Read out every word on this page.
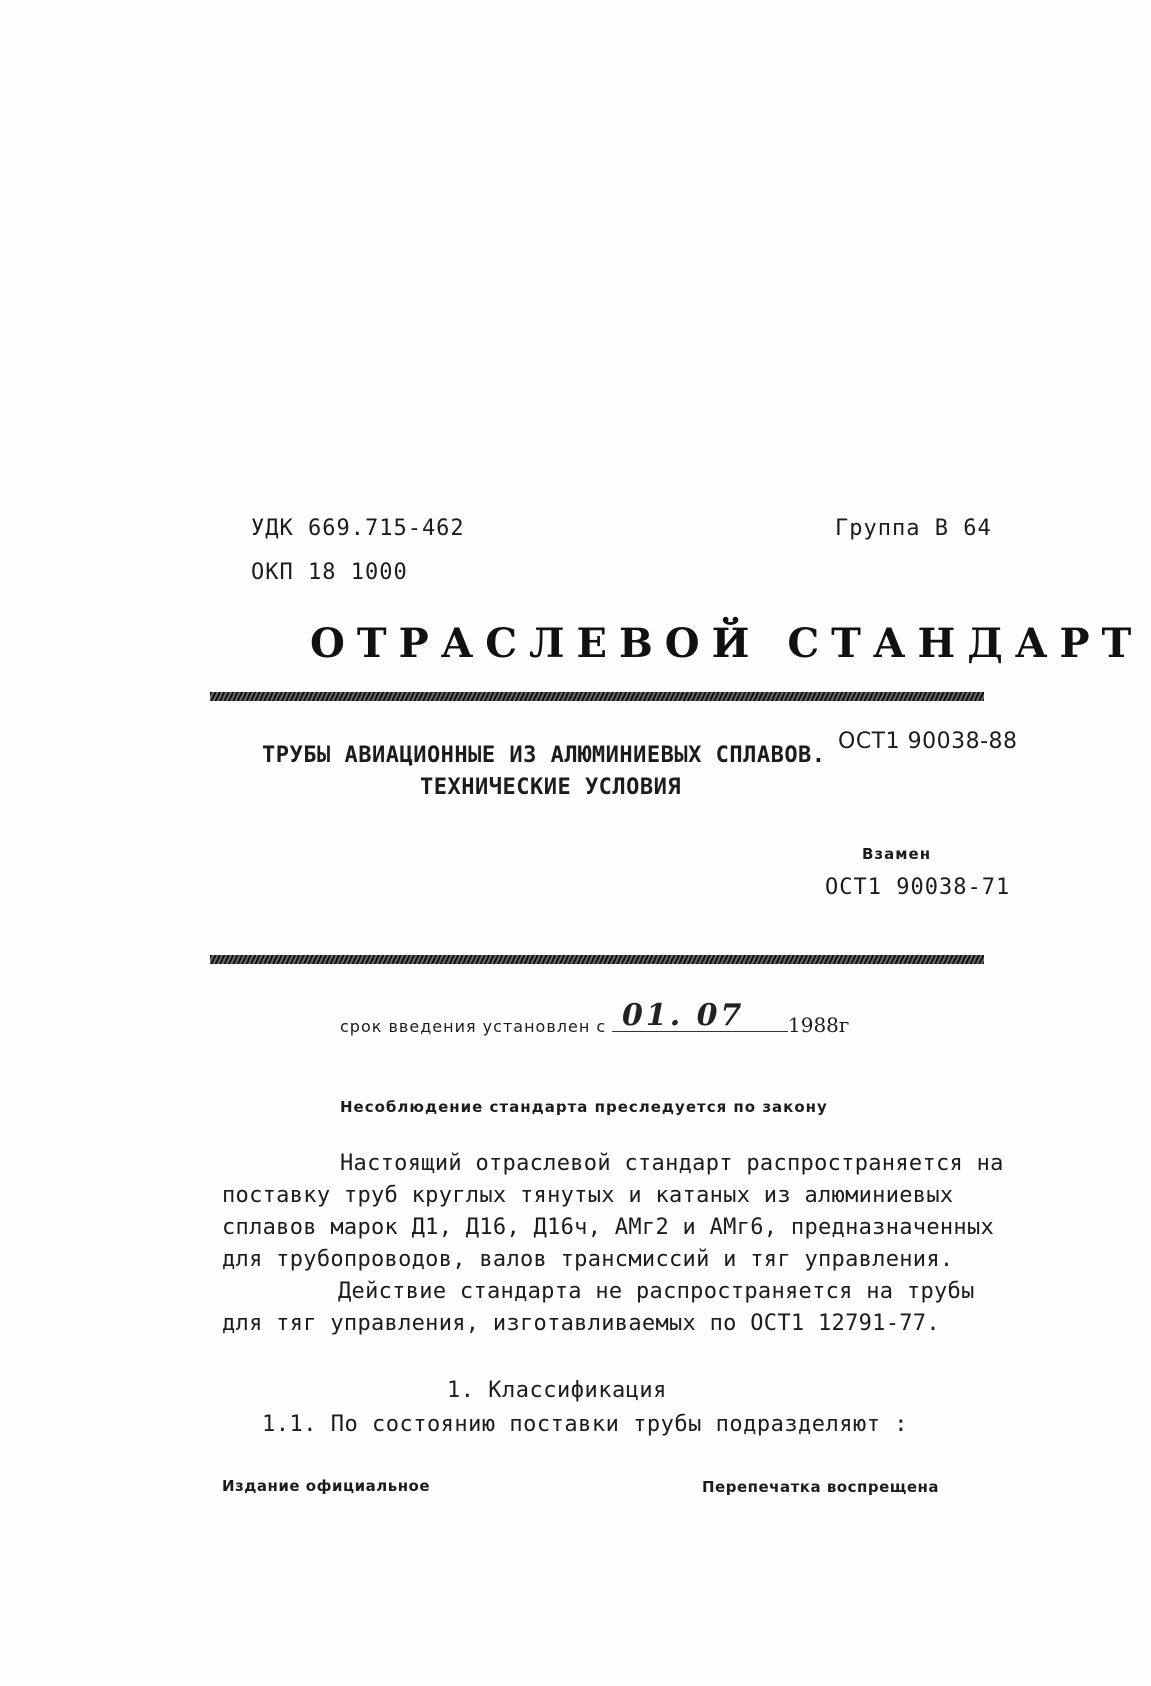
УДК 669.715-462	Группа В 64
ОКП 18 1000
ОТРАСЛЕВОЙ СТАНДАРТ
ТРУБЫ АВИАЦИОННЫЕ ИЗ АЛЮМИНИЕВЫХ СПЛАВОВ.
ТЕХНИЧЕСКИЕ УСЛОВИЯ
ОСТ1 90038-88
Взамен
ОСТ1 90038-71
срок введения установлен с 01. 07 1988г
Несоблюдение стандарта преследуется по закону
Настоящий отраслевой стандарт распространяется на
поставку труб круглых тянутых и катаных из алюминиевых
сплавов марок Д1, Д16, Д16ч, АМг2 и АМг6, предназначенных
для трубопроводов, валов трансмиссий и тяг управления.
Действие стандарта не распространяется на трубы
для тяг управления, изготавливаемых по ОСТ1 12791-77.
1. Классификация
1.1. По состоянию поставки трубы подразделяют :
Издание официальное	Перепечатка воспрещена
